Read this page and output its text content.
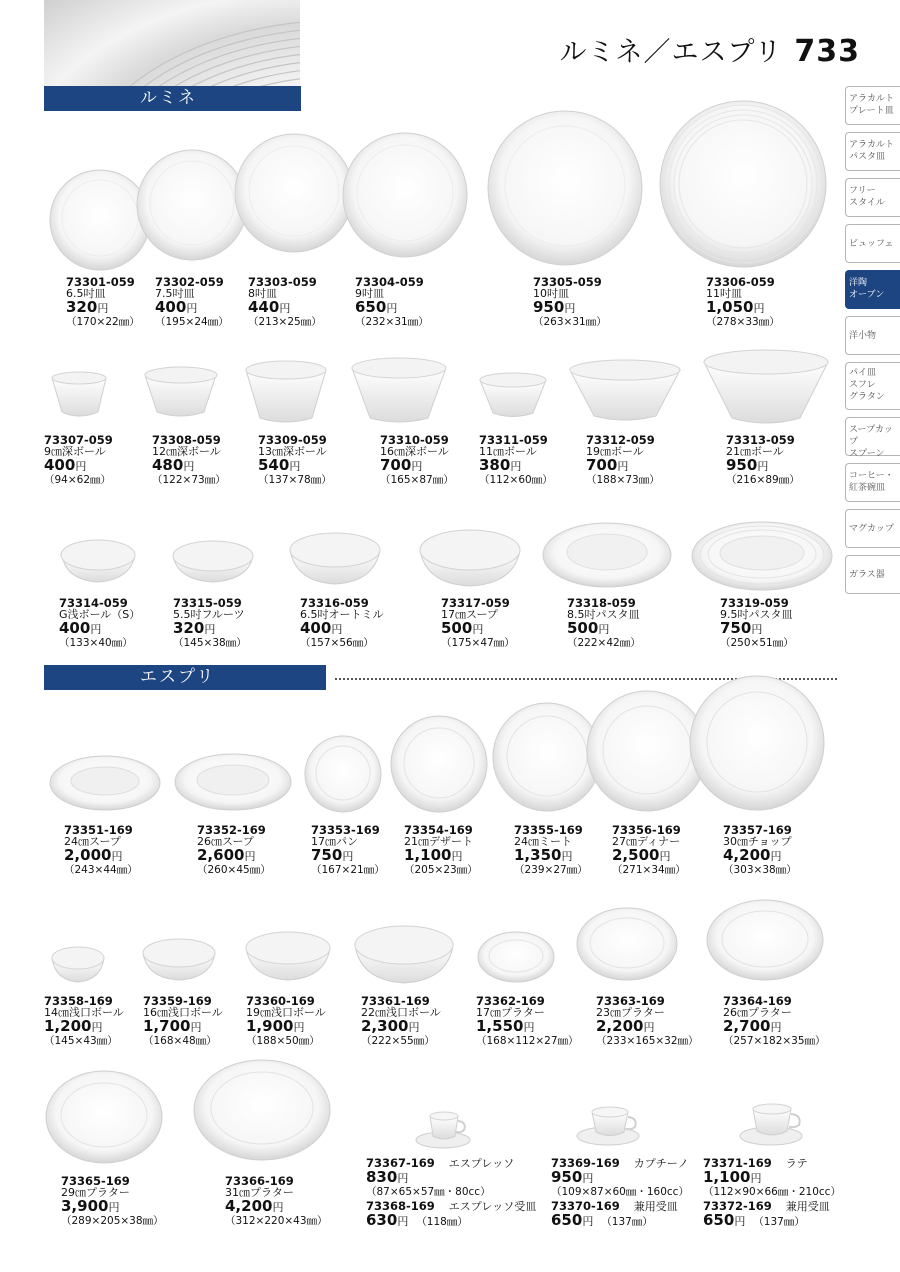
ルミネ／エスプリ 733
ルミネ
エスプリ
アラカルト
プレート皿
アラカルト
パスタ皿
フリー
スタイル
ビュッフェ
洋陶
オーブン
洋小物
パイ皿
スフレ
グラタン
スープカップ
スプーン
コーヒー・
紅茶碗皿
マグカップ
ガラス器
73301-059
6.5吋皿
320円
（170×22㎜）
73302-059
7.5吋皿
400円
（195×24㎜）
73303-059
8吋皿
440円
（213×25㎜）
73304-059
9吋皿
650円
（232×31㎜）
73305-059
10吋皿
950円
（263×31㎜）
73306-059
11吋皿
1,050円
（278×33㎜）
73307-059
9㎝深ボール
400円
（94×62㎜）
73308-059
12㎝深ボール
480円
（122×73㎜）
73309-059
13㎝深ボール
540円
（137×78㎜）
73310-059
16㎝深ボール
700円
（165×87㎜）
73311-059
11㎝ボール
380円
（112×60㎜）
73312-059
19㎝ボール
700円
（188×73㎜）
73313-059
21㎝ボール
950円
（216×89㎜）
73314-059
G浅ボール（S）
400円
（133×40㎜）
73315-059
5.5吋フルーツ
320円
（145×38㎜）
73316-059
6.5吋オートミル
400円
（157×56㎜）
73317-059
17㎝スープ
500円
（175×47㎜）
73318-059
8.5吋パスタ皿
500円
（222×42㎜）
73319-059
9.5吋パスタ皿
750円
（250×51㎜）
73351-169
24㎝スープ
2,000円
（243×44㎜）
73352-169
26㎝スープ
2,600円
（260×45㎜）
73353-169
17㎝パン
750円
（167×21㎜）
73354-169
21㎝デザート
1,100円
（205×23㎜）
73355-169
24㎝ミート
1,350円
（239×27㎜）
73356-169
27㎝ディナー
2,500円
（271×34㎜）
73357-169
30㎝チョップ
4,200円
（303×38㎜）
73358-169
14㎝浅口ボール
1,200円
（145×43㎜）
73359-169
16㎝浅口ボール
1,700円
（168×48㎜）
73360-169
19㎝浅口ボール
1,900円
（188×50㎜）
73361-169
22㎝浅口ボール
2,300円
（222×55㎜）
73362-169
17㎝プラター
1,550円
（168×112×27㎜）
73363-169
23㎝プラター
2,200円
（233×165×32㎜）
73364-169
26㎝プラター
2,700円
（257×182×35㎜）
73365-169
29㎝プラター
3,900円
（289×205×38㎜）
73366-169
31㎝プラター
4,200円
（312×220×43㎜）
73367-169 エスプレッソ
830円
（87×65×57㎜・80cc）
73368-169 エスプレッソ受皿
630円 （118㎜）
73369-169 カプチーノ
950円
（109×87×60㎜・160cc）
73370-169 兼用受皿
650円 （137㎜）
73371-169 ラテ
1,100円
（112×90×66㎜・210cc）
73372-169 兼用受皿
650円 （137㎜）
